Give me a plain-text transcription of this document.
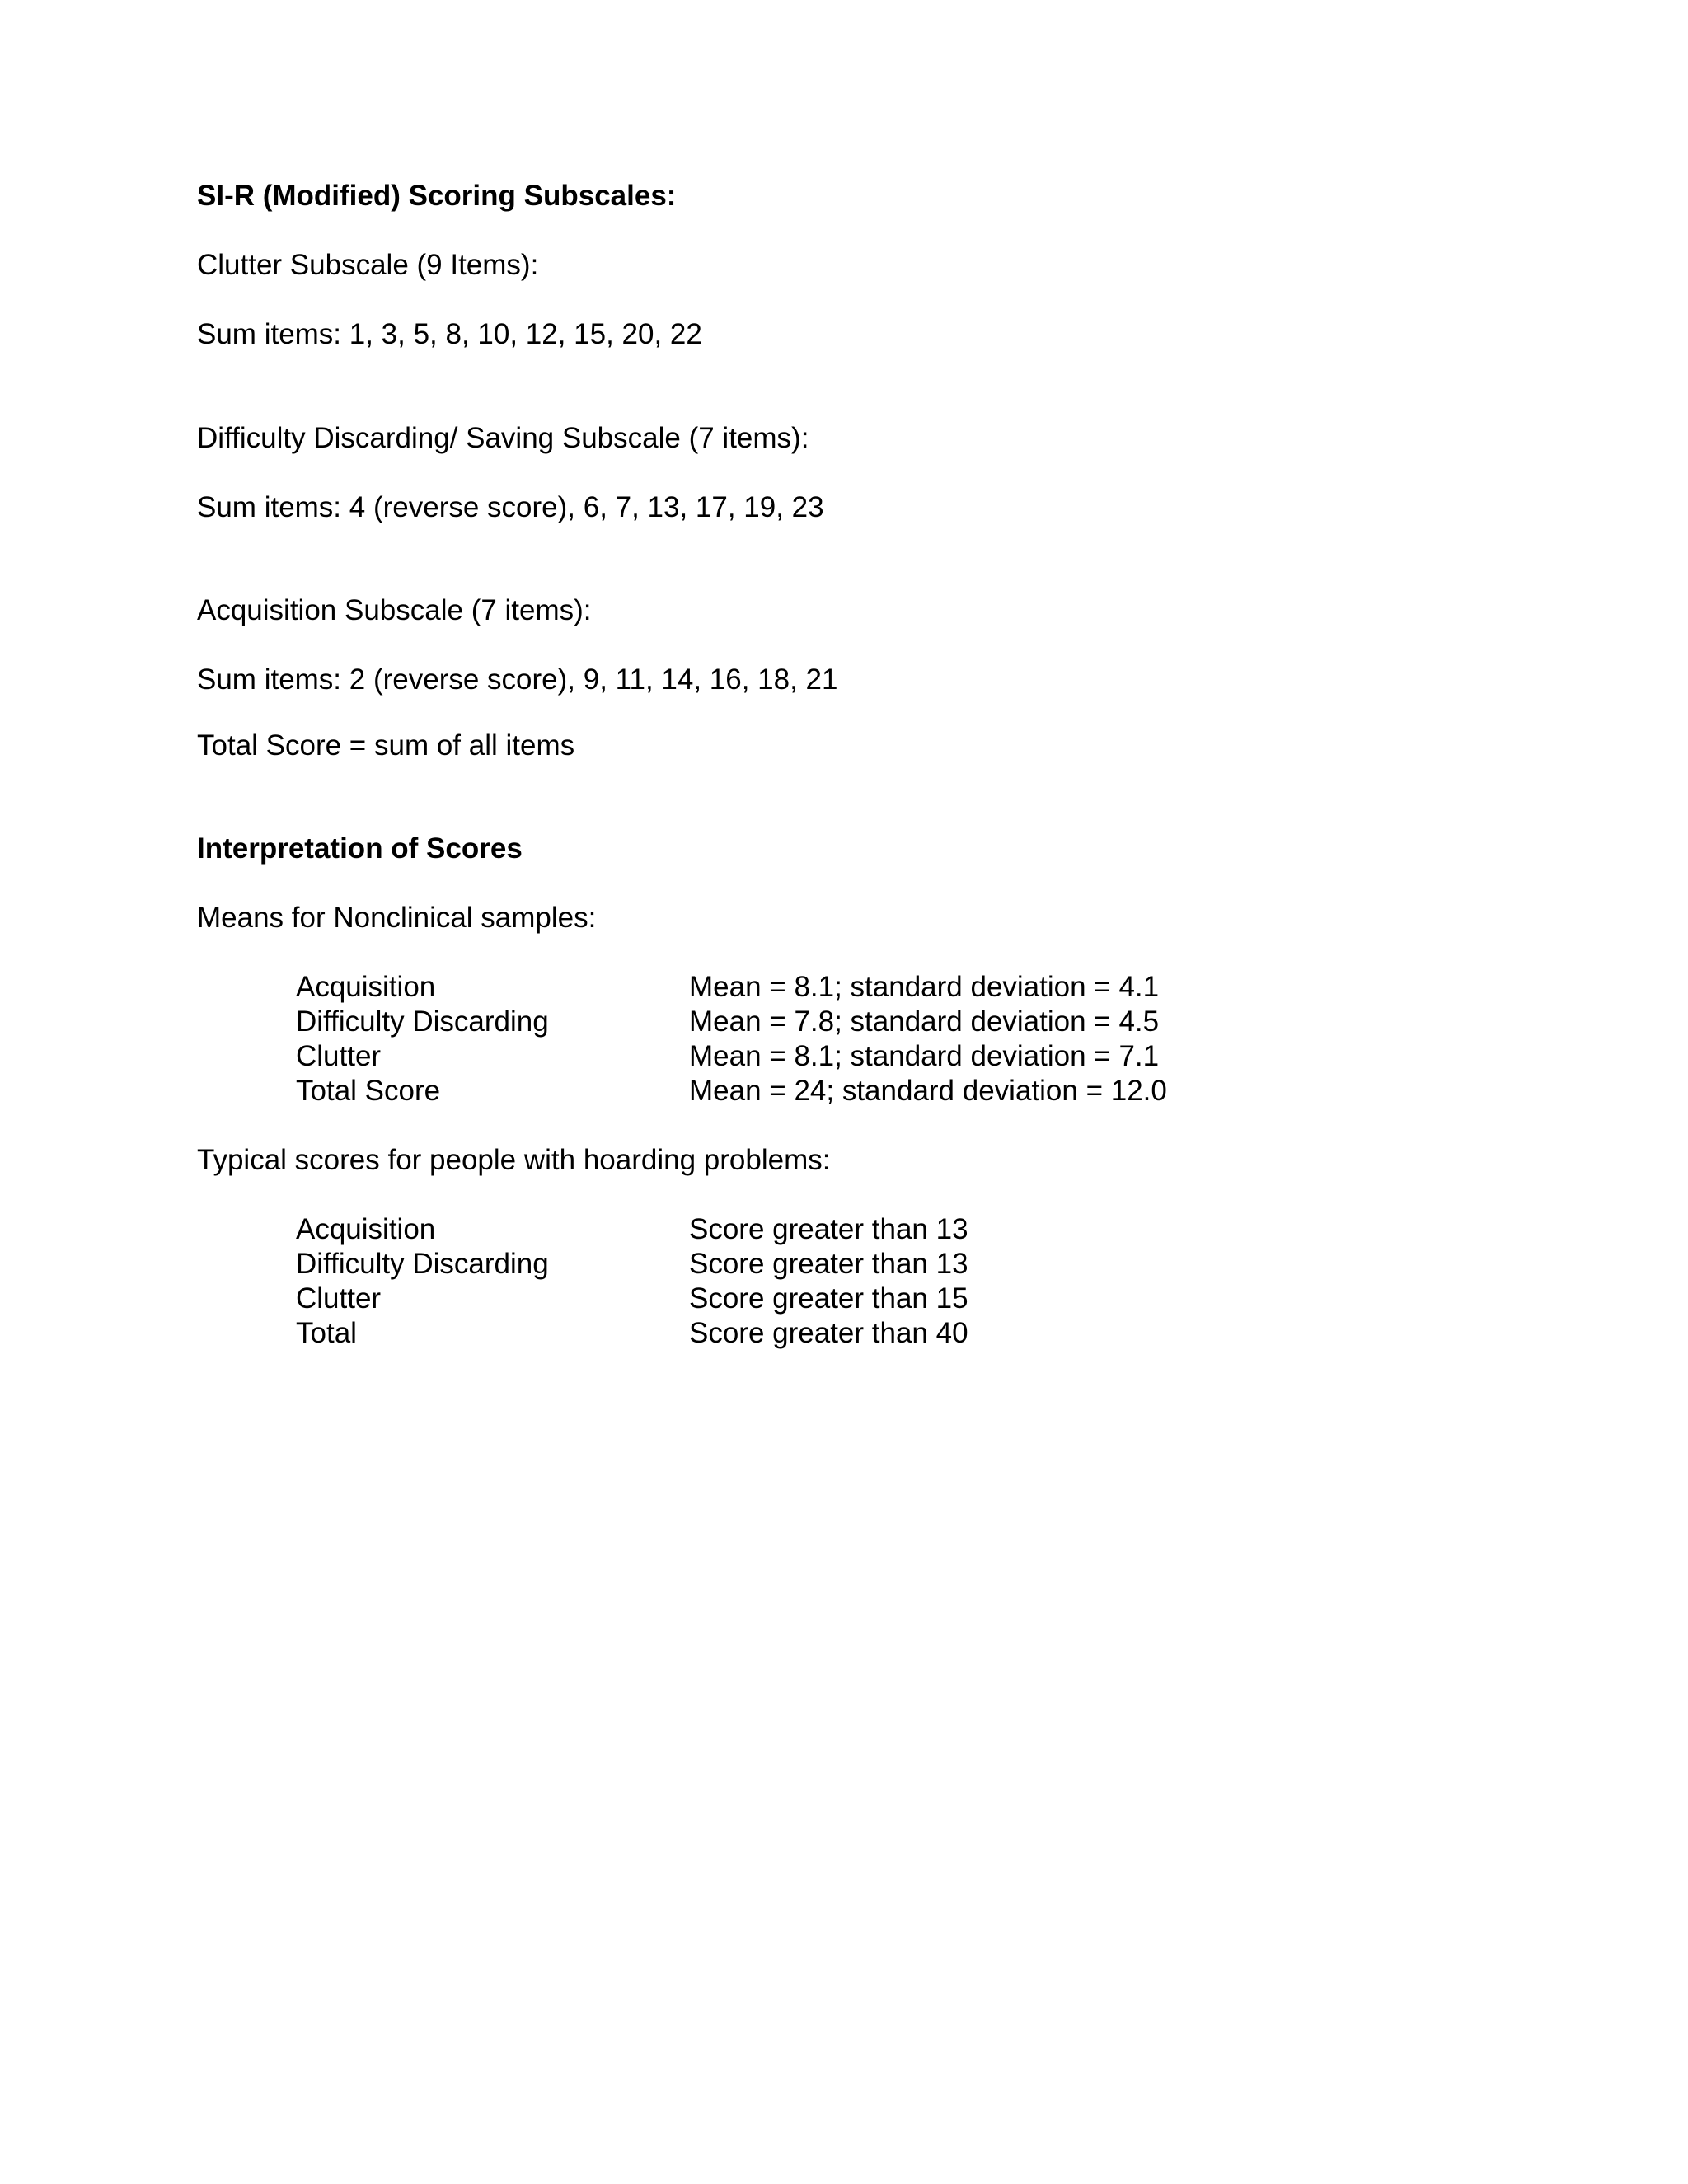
SI-R (Modified) Scoring Subscales:
Clutter Subscale (9 Items):
Sum items: 1, 3, 5, 8, 10, 12, 15, 20, 22
Difficulty Discarding/ Saving Subscale (7 items):
Sum items: 4 (reverse score), 6, 7, 13, 17, 19, 23
Acquisition Subscale (7 items):
Sum items: 2 (reverse score), 9, 11, 14, 16, 18, 21
Total Score = sum of all items
Interpretation of Scores
Means for Nonclinical samples:
Acquisition	Mean = 8.1; standard deviation = 4.1
Difficulty Discarding	Mean = 7.8; standard deviation = 4.5
Clutter	Mean = 8.1; standard deviation = 7.1
Total Score	Mean = 24; standard deviation = 12.0
Typical scores for people with hoarding problems:
Acquisition	Score greater than 13
Difficulty Discarding	Score greater than 13
Clutter	Score greater than 15
Total	Score greater than 40
